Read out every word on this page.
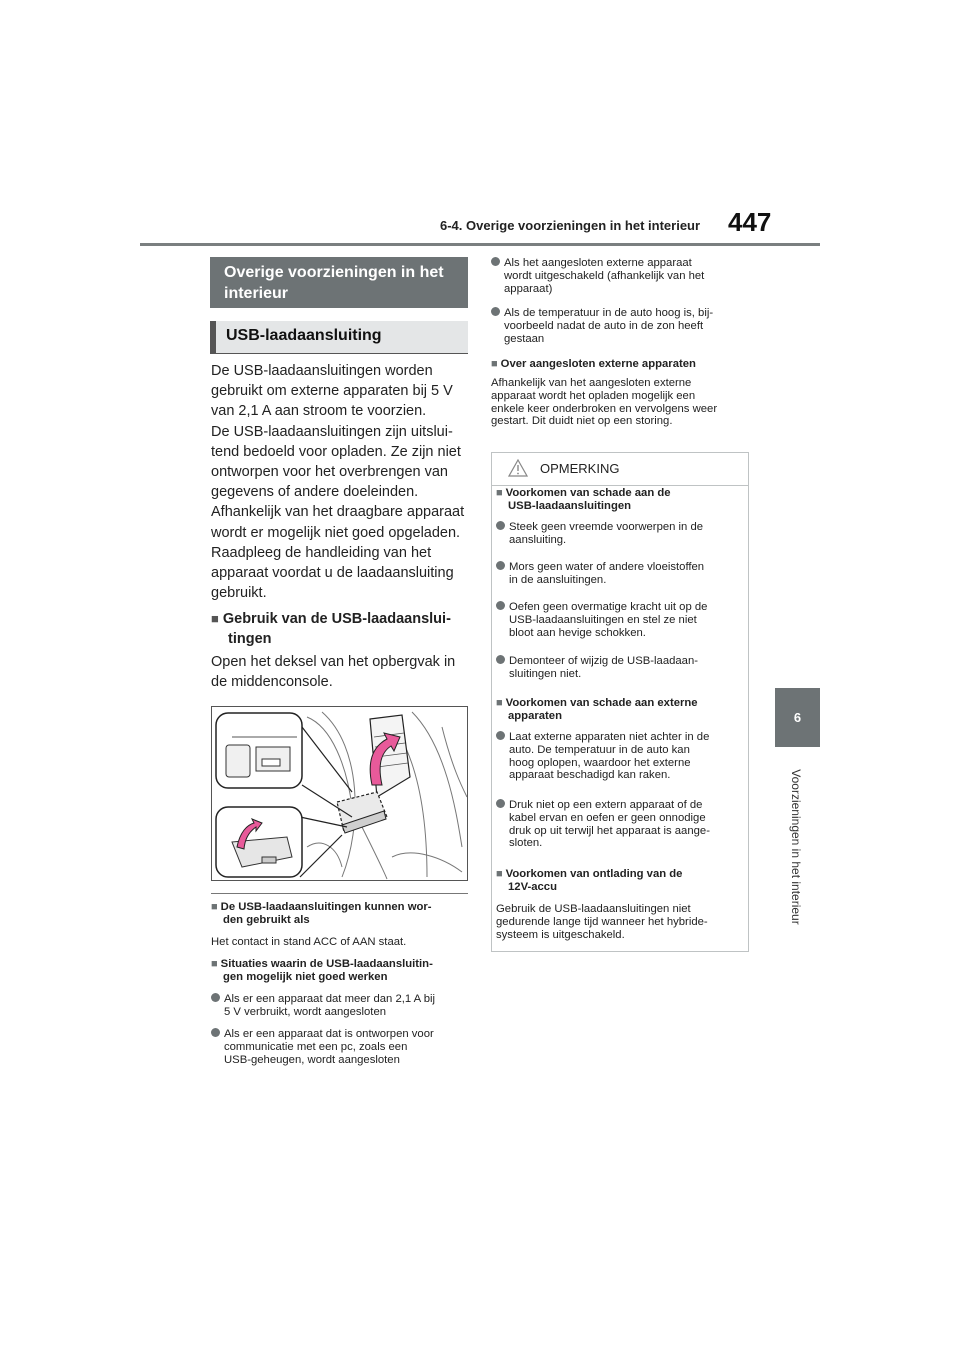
6-4. Overige voorzieningen in het interieur 447
6
Voorzieningen in het interieur
Overige voorzieningen in het interieur
USB-laadaansluiting
De USB-laadaansluitingen worden
gebruikt om externe apparaten bij 5 V
van 2,1 A aan stroom te voorzien.
De USB-laadaansluitingen zijn uitslui-
tend bedoeld voor opladen. Ze zijn niet
ontworpen voor het overbrengen van
gegevens of andere doeleinden.
Afhankelijk van het draagbare apparaat
wordt er mogelijk niet goed opgeladen.
Raadpleeg de handleiding van het
apparaat voordat u de laadaansluiting
gebruikt.
■ Gebruik van de USB-laadaanslui-
tingen
Open het deksel van het opbergvak in
de middenconsole.
■ De USB-laadaansluitingen kunnen wor-
den gebruikt als
Het contact in stand ACC of AAN staat.
■ Situaties waarin de USB-laadaansluitin-
gen mogelijk niet goed werken
Als er een apparaat dat meer dan 2,1 A bij
5 V verbruikt, wordt aangesloten
Als er een apparaat dat is ontworpen voor
communicatie met een pc, zoals een
USB-geheugen, wordt aangesloten
Als het aangesloten externe apparaat
wordt uitgeschakeld (afhankelijk van het
apparaat)
Als de temperatuur in de auto hoog is, bij-
voorbeeld nadat de auto in de zon heeft
gestaan
■ Over aangesloten externe apparaten
Afhankelijk van het aangesloten externe
apparaat wordt het opladen mogelijk een
enkele keer onderbroken en vervolgens weer
gestart. Dit duidt niet op een storing.
OPMERKING
■ Voorkomen van schade aan de
USB-laadaansluitingen
Steek geen vreemde voorwerpen in de
aansluiting.
Mors geen water of andere vloeistoffen
in de aansluitingen.
Oefen geen overmatige kracht uit op de
USB-laadaansluitingen en stel ze niet
bloot aan hevige schokken.
Demonteer of wijzig de USB-laadaan-
sluitingen niet.
■ Voorkomen van schade aan externe
apparaten
Laat externe apparaten niet achter in de
auto. De temperatuur in de auto kan
hoog oplopen, waardoor het externe
apparaat beschadigd kan raken.
Druk niet op een extern apparaat of de
kabel ervan en oefen er geen onnodige
druk op uit terwijl het apparaat is aange-
sloten.
■ Voorkomen van ontlading van de
12V-accu
Gebruik de USB-laadaansluitingen niet
gedurende lange tijd wanneer het hybride-
systeem is uitgeschakeld.
